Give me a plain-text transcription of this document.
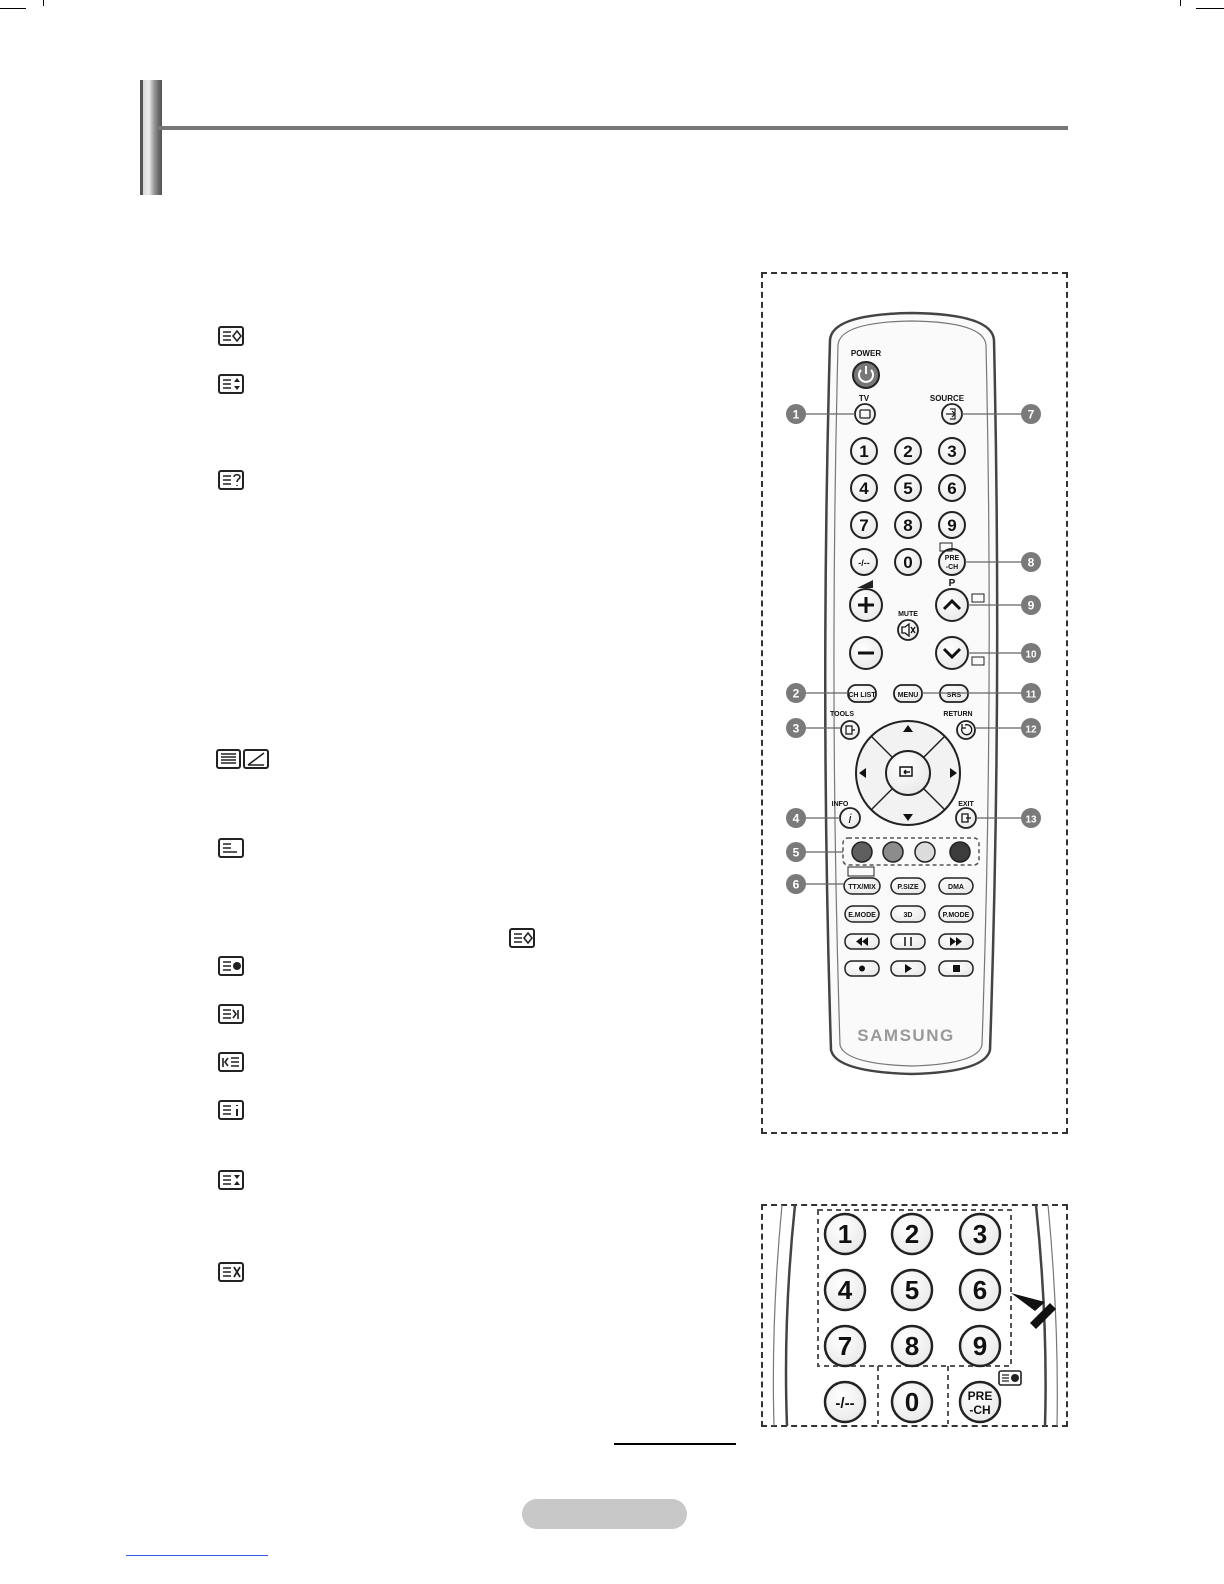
POWER
TV	SOURCE
1 2 3
4 5 6
7 8 9
-/-- 0	PRE
-CH
MUTE
P
CH LIST	MENU	SRS
TOOLS	RETURN
INFO
i
EXIT
TTX/MIX	P.SIZE	DMA
E.MODE	3D	P.MODE
SAMSUNG
1
2
3
4
5
6
7
8
9
10
11
12
13
1 2 3
4 5 6
7 8 9
-/-- 0	PRE
-CH
